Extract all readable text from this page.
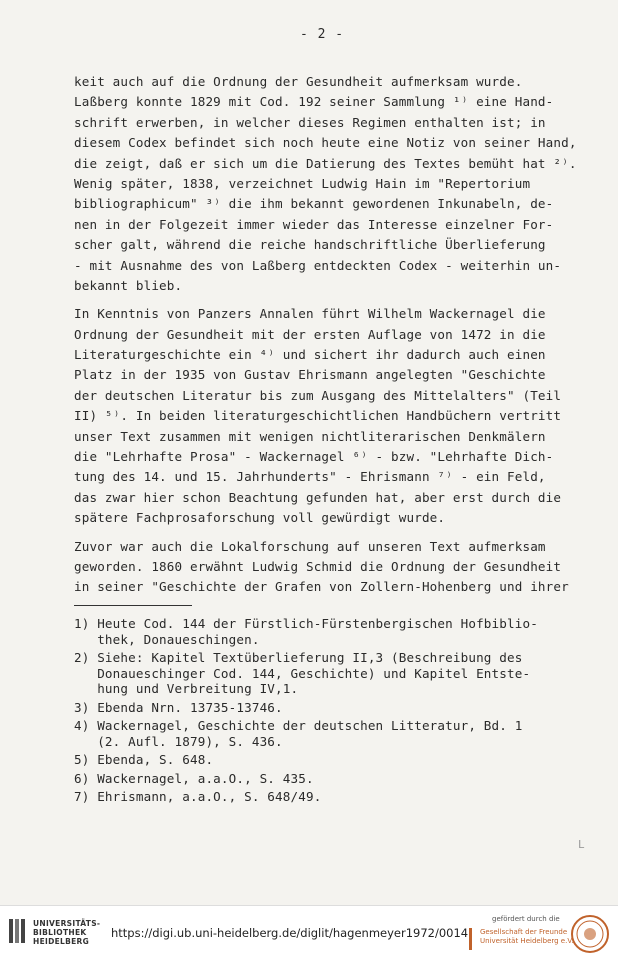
- 2 -
keit auch auf die Ordnung der Gesundheit aufmerksam wurde.
Laßberg konnte 1829 mit Cod. 192 seiner Sammlung ¹⁾ eine Hand-
schrift erwerben, in welcher dieses Regimen enthalten ist; in
diesem Codex befindet sich noch heute eine Notiz von seiner Hand,
die zeigt, daß er sich um die Datierung des Textes bemüht hat ²⁾.
Wenig später, 1838, verzeichnet Ludwig Hain im "Repertorium
bibliographicum" ³⁾ die ihm bekannt gewordenen Inkunabeln, de-
nen in der Folgezeit immer wieder das Interesse einzelner For-
scher galt, während die reiche handschriftliche Überlieferung
- mit Ausnahme des von Laßberg entdeckten Codex - weiterhin un-
bekannt blieb.
In Kenntnis von Panzers Annalen führt Wilhelm Wackernagel die
Ordnung der Gesundheit mit der ersten Auflage von 1472 in die
Literaturgeschichte ein ⁴⁾ und sichert ihr dadurch auch einen
Platz in der 1935 von Gustav Ehrismann angelegten "Geschichte
der deutschen Literatur bis zum Ausgang des Mittelalters" (Teil
II) ⁵⁾. In beiden literaturgeschichtlichen Handbüchern vertritt
unser Text zusammen mit wenigen nichtliterarischen Denkmälern
die "Lehrhafte Prosa" - Wackernagel ⁶⁾ - bzw. "Lehrhafte Dich-
tung des 14. und 15. Jahrhunderts" - Ehrismann ⁷⁾ - ein Feld,
das zwar hier schon Beachtung gefunden hat, aber erst durch die
spätere Fachprosaforschung voll gewürdigt wurde.
Zuvor war auch die Lokalforschung auf unseren Text aufmerksam
geworden. 1860 erwähnt Ludwig Schmid die Ordnung der Gesundheit
in seiner "Geschichte der Grafen von Zollern-Hohenberg und ihrer
1) Heute Cod. 144 der Fürstlich-Fürstenbergischen Hofbiblio-
thek, Donaueschingen.
2) Siehe: Kapitel Textüberlieferung II,3 (Beschreibung des
Donaueschinger Cod. 144, Geschichte) und Kapitel Entste-
hung und Verbreitung IV,1.
3) Ebenda Nrn. 13735-13746.
4) Wackernagel, Geschichte der deutschen Litteratur, Bd. 1
(2. Aufl. 1879), S. 436.
5) Ebenda, S. 648.
6) Wackernagel, a.a.O., S. 435.
7) Ehrismann, a.a.O., S. 648/49.
L
UNIVERSITÄTS-
BIBLIOTHEK
HEIDELBERG
https://digi.ub.uni-heidelberg.de/diglit/hagenmeyer1972/0014
gefördert durch die
Gesellschaft der Freunde
Universität Heidelberg e.V.
